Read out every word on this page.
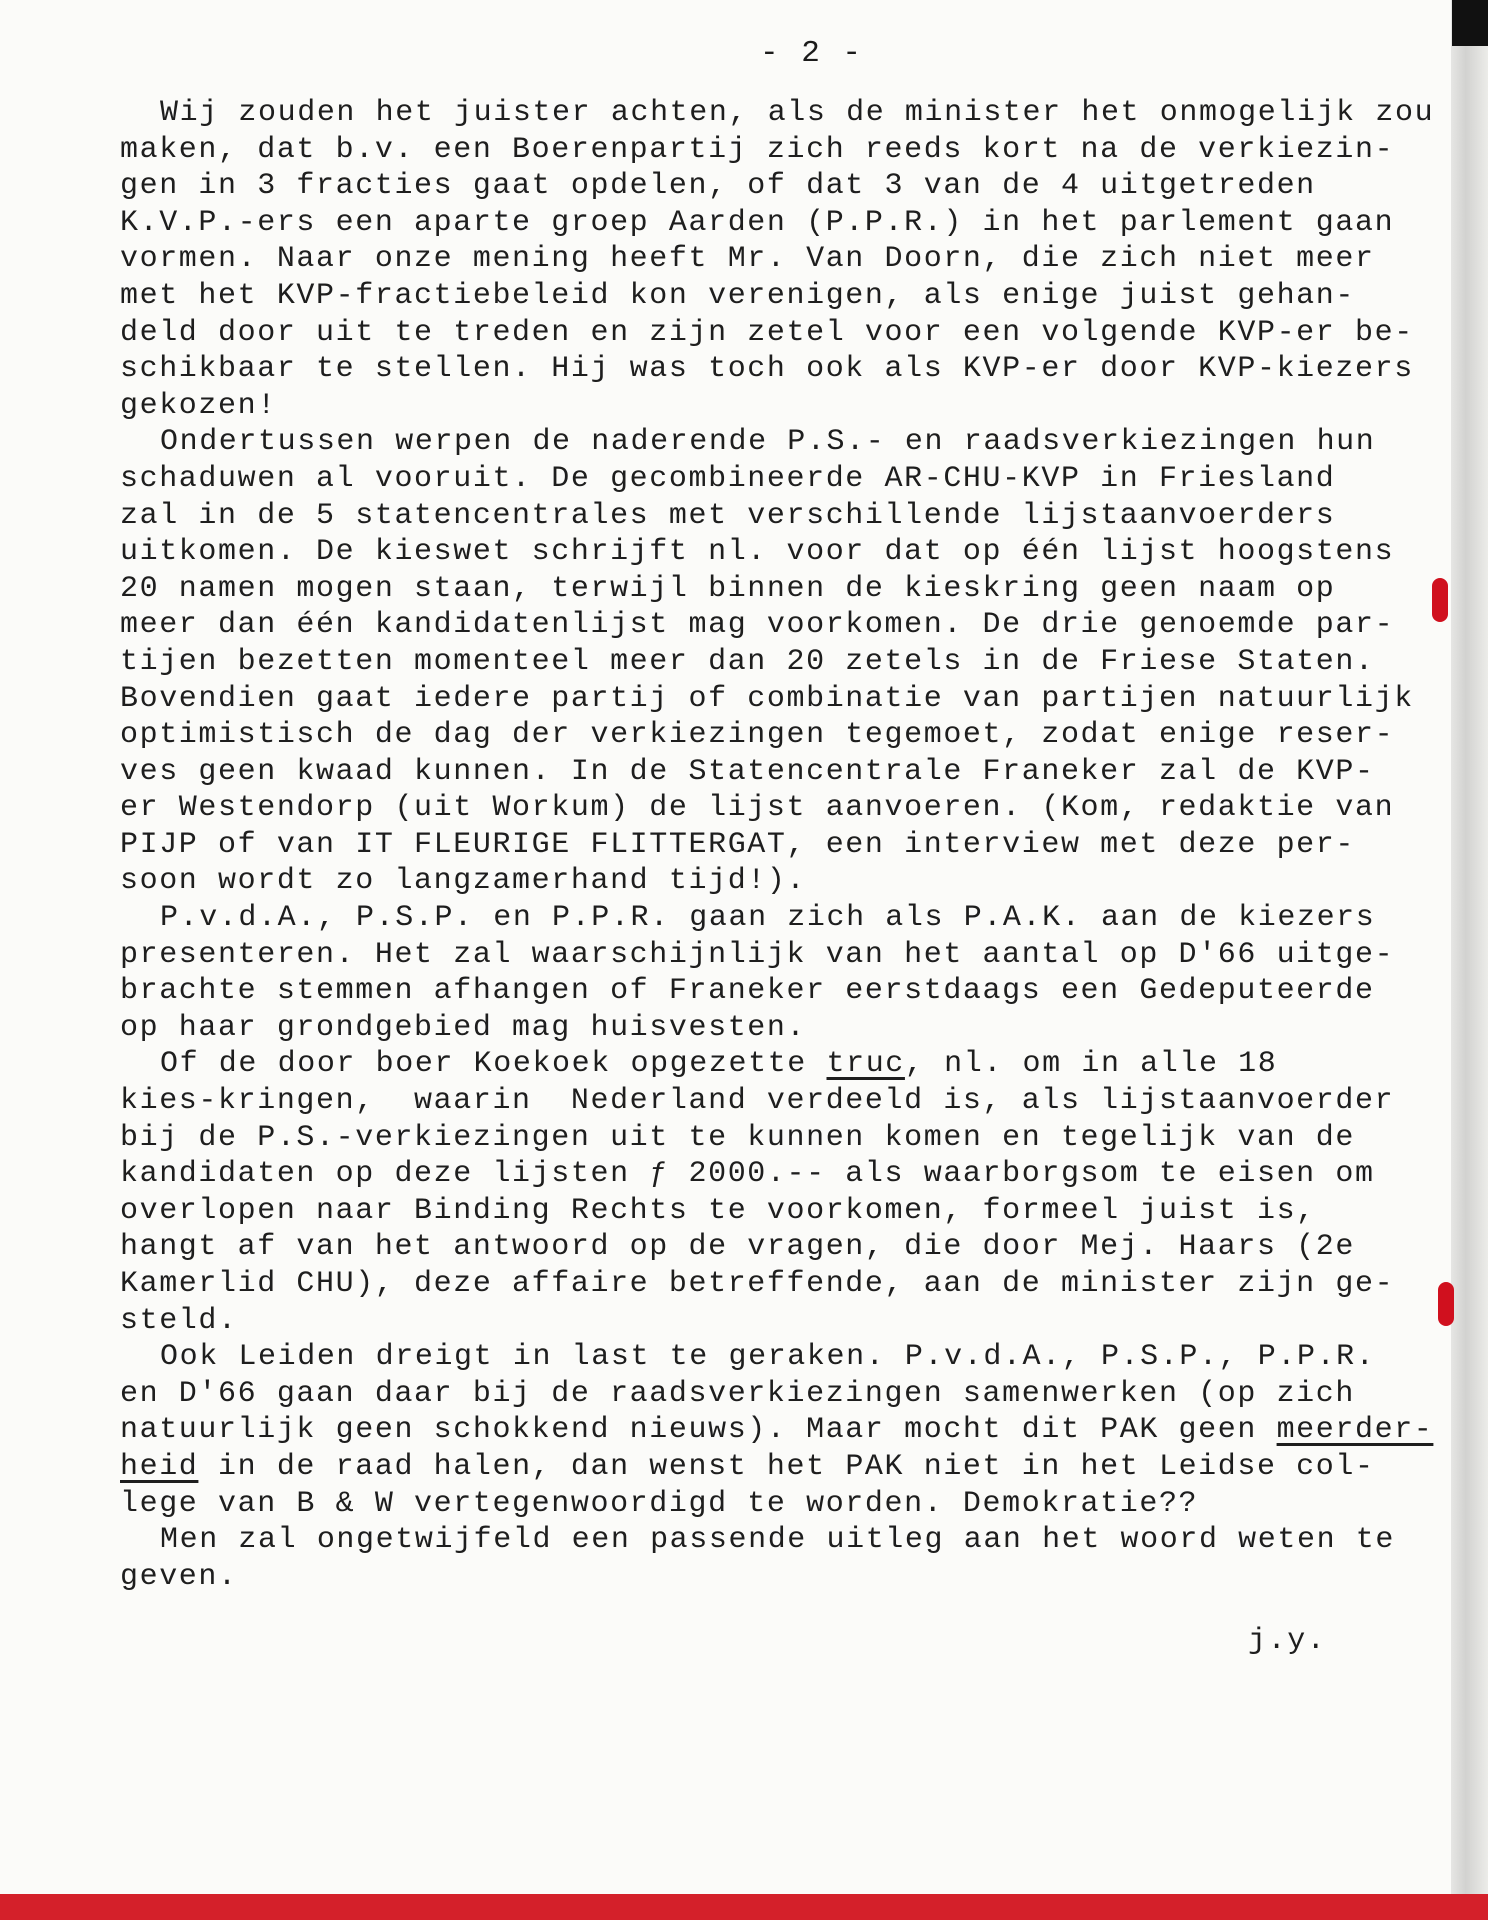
- 2 -
Wij zouden het juister achten, als de minister het onmogelijk zou
maken, dat b.v. een Boerenpartij zich reeds kort na de verkiezin-
gen in 3 fracties gaat opdelen, of dat 3 van de 4 uitgetreden
K.V.P.-ers een aparte groep Aarden (P.P.R.) in het parlement gaan
vormen. Naar onze mening heeft Mr. Van Doorn, die zich niet meer
met het KVP-fractiebeleid kon verenigen, als enige juist gehan-
deld door uit te treden en zijn zetel voor een volgende KVP-er be-
schikbaar te stellen. Hij was toch ook als KVP-er door KVP-kiezers
gekozen!
Ondertussen werpen de naderende P.S.- en raadsverkiezingen hun
schaduwen al vooruit. De gecombineerde AR-CHU-KVP in Friesland
zal in de 5 statencentrales met verschillende lijstaanvoerders
uitkomen. De kieswet schrijft nl. voor dat op één lijst hoogstens
20 namen mogen staan, terwijl binnen de kieskring geen naam op
meer dan één kandidatenlijst mag voorkomen. De drie genoemde par-
tijen bezetten momenteel meer dan 20 zetels in de Friese Staten.
Bovendien gaat iedere partij of combinatie van partijen natuurlijk
optimistisch de dag der verkiezingen tegemoet, zodat enige reser-
ves geen kwaad kunnen. In de Statencentrale Franeker zal de KVP-
er Westendorp (uit Workum) de lijst aanvoeren. (Kom, redaktie van
PIJP of van IT FLEURIGE FLITTERGAT, een interview met deze per-
soon wordt zo langzamerhand tijd!).
P.v.d.A., P.S.P. en P.P.R. gaan zich als P.A.K. aan de kiezers
presenteren. Het zal waarschijnlijk van het aantal op D'66 uitge-
brachte stemmen afhangen of Franeker eerstdaags een Gedeputeerde
op haar grondgebied mag huisvesten.
Of de door boer Koekoek opgezette truc, nl. om in alle 18
kies-kringen,  waarin  Nederland verdeeld is, als lijstaanvoerder
bij de P.S.-verkiezingen uit te kunnen komen en tegelijk van de
kandidaten op deze lijsten ƒ 2000.-- als waarborgsom te eisen om
overlopen naar Binding Rechts te voorkomen, formeel juist is,
hangt af van het antwoord op de vragen, die door Mej. Haars (2e
Kamerlid CHU), deze affaire betreffende, aan de minister zijn ge-
steld.
Ook Leiden dreigt in last te geraken. P.v.d.A., P.S.P., P.P.R.
en D'66 gaan daar bij de raadsverkiezingen samenwerken (op zich
natuurlijk geen schokkend nieuws). Maar mocht dit PAK geen meerder-
heid in de raad halen, dan wenst het PAK niet in het Leidse col-
lege van B & W vertegenwoordigd te worden. Demokratie??
Men zal ongetwijfeld een passende uitleg aan het woord weten te
geven.
j.y.
